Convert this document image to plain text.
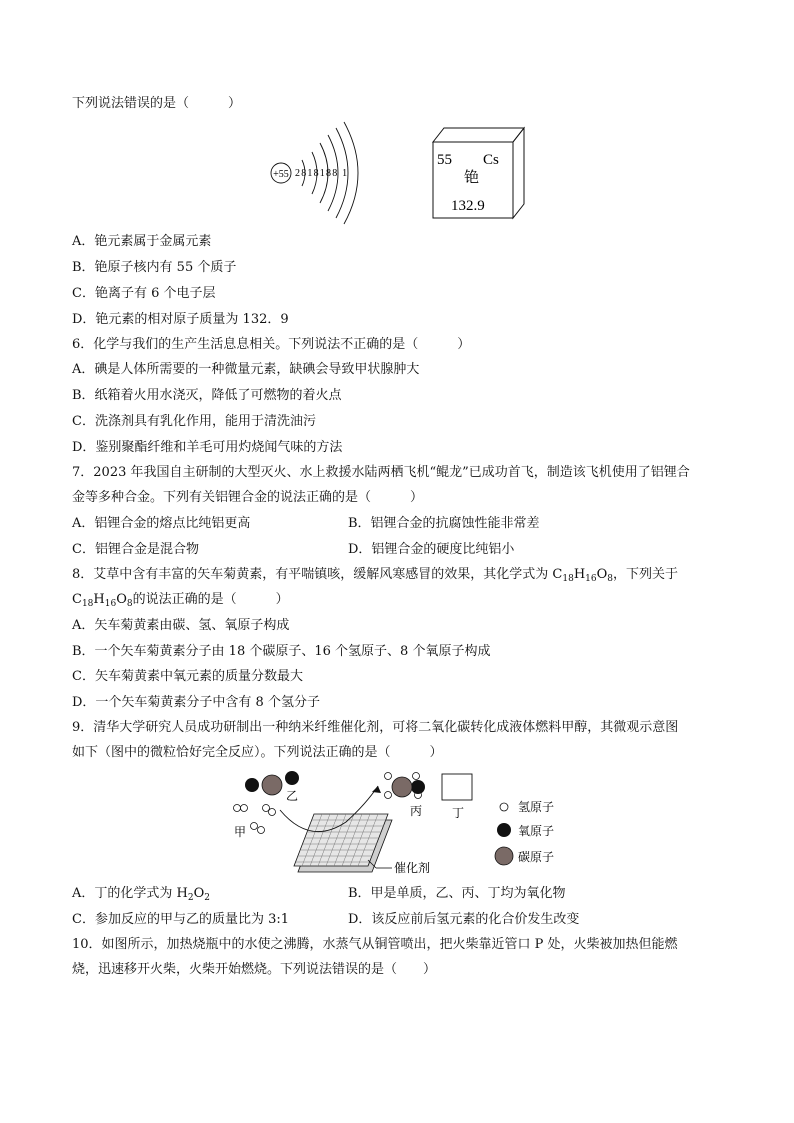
下列说法错误的是（　　　）
+55 2818188 1
55 Cs
铯
132.9
A．铯元素属于金属元素
B．铯原子核内有 55 个质子
C．铯离子有 6 个电子层
D．铯元素的相对原子质量为 132．9
6．化学与我们的生产生活息息相关。下列说法不正确的是（　　　）
A．碘是人体所需要的一种微量元素，缺碘会导致甲状腺肿大
B．纸箱着火用水浇灭，降低了可燃物的着火点
C．洗涤剂具有乳化作用，能用于清洗油污
D．鉴别聚酯纤维和羊毛可用灼烧闻气味的方法
7．2023 年我国自主研制的大型灭火、水上救援水陆两栖飞机“鲲龙”已成功首飞，制造该飞机使用了铝锂合
金等多种合金。下列有关铝锂合金的说法正确的是（　　　）
A．铝锂合金的熔点比纯铝更高	B．铝锂合金的抗腐蚀性能非常差
C．铝锂合金是混合物	D．铝锂合金的硬度比纯铝小
8．艾草中含有丰富的矢车菊黄素，有平喘镇咳，缓解风寒感冒的效果，其化学式为 $C_{18}H_{16}O_8$，下列关于
$C_{18}H_{16}O_8$的说法正确的是（　　　）
A．矢车菊黄素由碳、氢、氧原子构成
B．一个矢车菊黄素分子由 18 个碳原子、16 个氢原子、8 个氧原子构成
C．矢车菊黄素中氧元素的质量分数最大
D．一个矢车菊黄素分子中含有 8 个氢分子
9．清华大学研究人员成功研制出一种纳米纤维催化剂，可将二氧化碳转化成液体燃料甲醇，其微观示意图
如下（图中的微粒恰好完全反应）。下列说法正确的是（　　　）
催化剂
乙
甲
丙 丁	氢原子
氧原子
碳原子
A．丁的化学式为 $H_2O_2$	B．甲是单质，乙、丙、丁均为氧化物
C．参加反应的甲与乙的质量比为 3:1	D．该反应前后氢元素的化合价发生改变
10．如图所示，加热烧瓶中的水使之沸腾，水蒸气从铜管喷出，把火柴靠近管口 P 处，火柴被加热但能燃
烧，迅速移开火柴，火柴开始燃烧。下列说法错误的是（　　）
